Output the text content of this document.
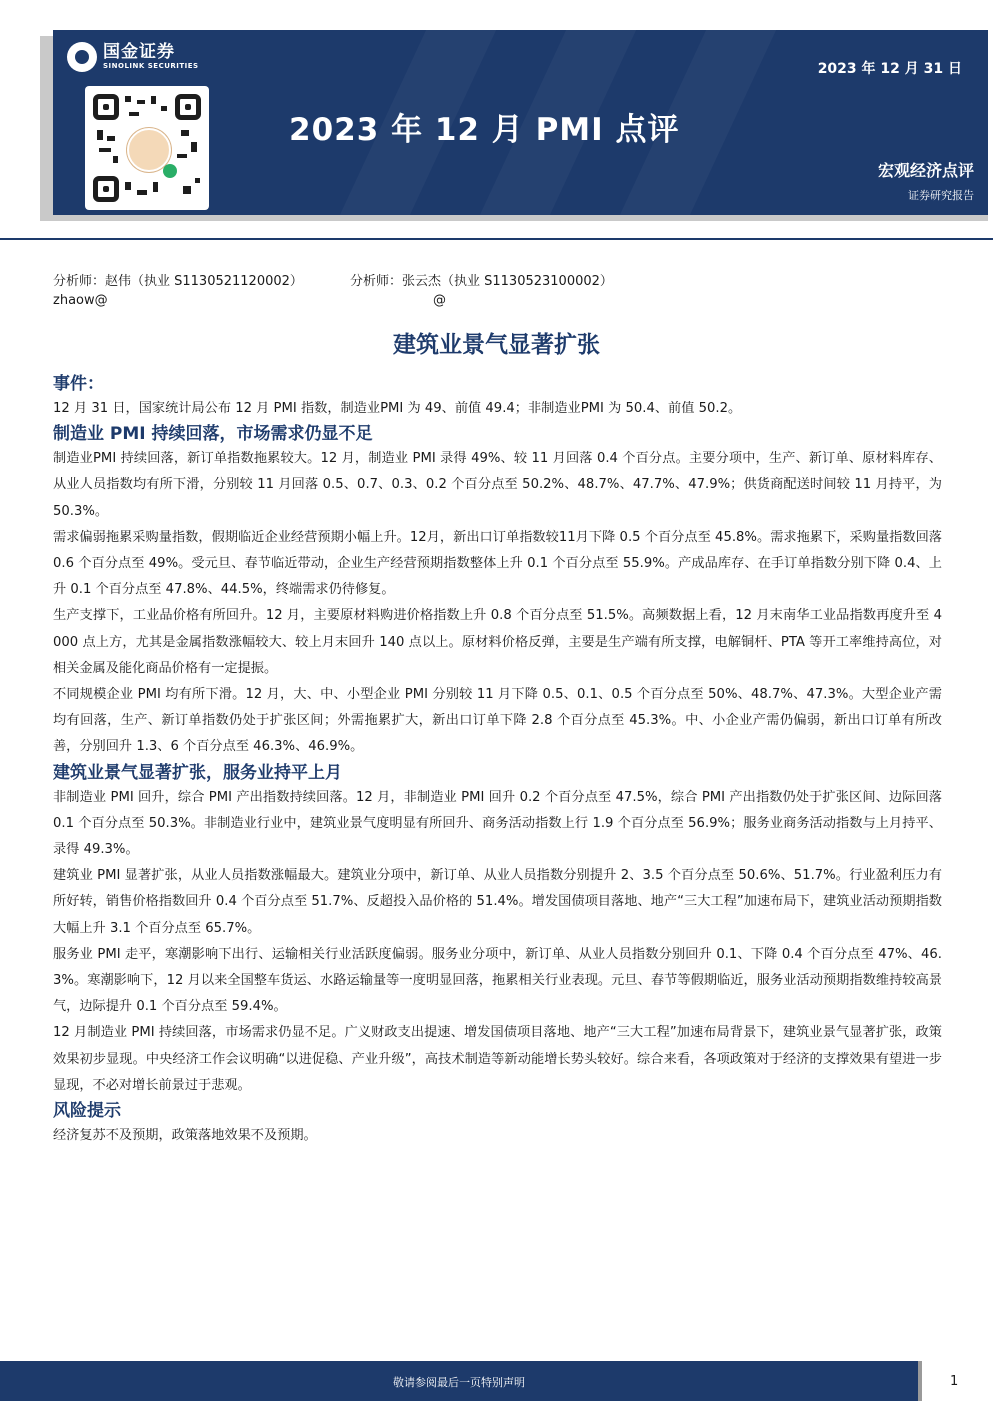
国金证券
SINOLINK SECURITIES	2023 年 12 月 31 日
2023 年 12 月 PMI 点评
宏观经济点评
证券研究报告
分析师：赵伟（执业 S1130521120002）	分析师：张云杰（执业 S1130523100002）
zhaow@	@
建筑业景气显著扩张
事件：
12 月 31 日，国家统计局公布 12 月 PMI 指数，制造业PMI 为 49、前值 49.4；非制造业PMI 为 50.4、前值 50.2。
制造业 PMI 持续回落，市场需求仍显不足
制造业PMI 持续回落，新订单指数拖累较大。12 月，制造业 PMI 录得 49%、较 11 月回落 0.4 个百分点。主要分项中，生产、新订单、原材料库存、从业人员指数均有所下滑，分别较 11 月回落 0.5、0.7、0.3、0.2 个百分点至 50.2%、48.7%、47.7%、47.9%；供货商配送时间较 11 月持平，为 50.3%。
需求偏弱拖累采购量指数，假期临近企业经营预期小幅上升。12月，新出口订单指数较11月下降 0.5 个百分点至 45.8%。需求拖累下，采购量指数回落 0.6 个百分点至 49%。受元旦、春节临近带动，企业生产经营预期指数整体上升 0.1 个百分点至 55.9%。产成品库存、在手订单指数分别下降 0.4、上升 0.1 个百分点至 47.8%、44.5%，终端需求仍待修复。
生产支撑下，工业品价格有所回升。12 月，主要原材料购进价格指数上升 0.8 个百分点至 51.5%。高频数据上看，12 月末南华工业品指数再度升至 4000 点上方，尤其是金属指数涨幅较大、较上月末回升 140 点以上。原材料价格反弹，主要是生产端有所支撑，电解铜杆、PTA 等开工率维持高位，对相关金属及能化商品价格有一定提振。
不同规模企业 PMI 均有所下滑。12 月，大、中、小型企业 PMI 分别较 11 月下降 0.5、0.1、0.5 个百分点至 50%、48.7%、47.3%。大型企业产需均有回落，生产、新订单指数仍处于扩张区间；外需拖累扩大，新出口订单下降 2.8 个百分点至 45.3%。中、小企业产需仍偏弱，新出口订单有所改善，分别回升 1.3、6 个百分点至 46.3%、46.9%。
建筑业景气显著扩张，服务业持平上月
非制造业 PMI 回升，综合 PMI 产出指数持续回落。12 月，非制造业 PMI 回升 0.2 个百分点至 47.5%，综合 PMI 产出指数仍处于扩张区间、边际回落 0.1 个百分点至 50.3%。非制造业行业中，建筑业景气度明显有所回升、商务活动指数上行 1.9 个百分点至 56.9%；服务业商务活动指数与上月持平、录得 49.3%。
建筑业 PMI 显著扩张，从业人员指数涨幅最大。建筑业分项中，新订单、从业人员指数分别提升 2、3.5 个百分点至 50.6%、51.7%。行业盈利压力有所好转，销售价格指数回升 0.4 个百分点至 51.7%、反超投入品价格的 51.4%。增发国债项目落地、地产“三大工程”加速布局下，建筑业活动预期指数大幅上升 3.1 个百分点至 65.7%。
服务业 PMI 走平，寒潮影响下出行、运输相关行业活跃度偏弱。服务业分项中，新订单、从业人员指数分别回升 0.1、下降 0.4 个百分点至 47%、46.3%。寒潮影响下，12 月以来全国整车货运、水路运输量等一度明显回落，拖累相关行业表现。元旦、春节等假期临近，服务业活动预期指数维持较高景气，边际提升 0.1 个百分点至 59.4%。
12 月制造业 PMI 持续回落，市场需求仍显不足。广义财政支出提速、增发国债项目落地、地产“三大工程”加速布局背景下，建筑业景气显著扩张，政策效果初步显现。中央经济工作会议明确“以进促稳、产业升级”，高技术制造等新动能增长势头较好。综合来看，各项政策对于经济的支撑效果有望进一步显现，不必对增长前景过于悲观。
风险提示
经济复苏不及预期，政策落地效果不及预期。
敬请参阅最后一页特别声明	1
